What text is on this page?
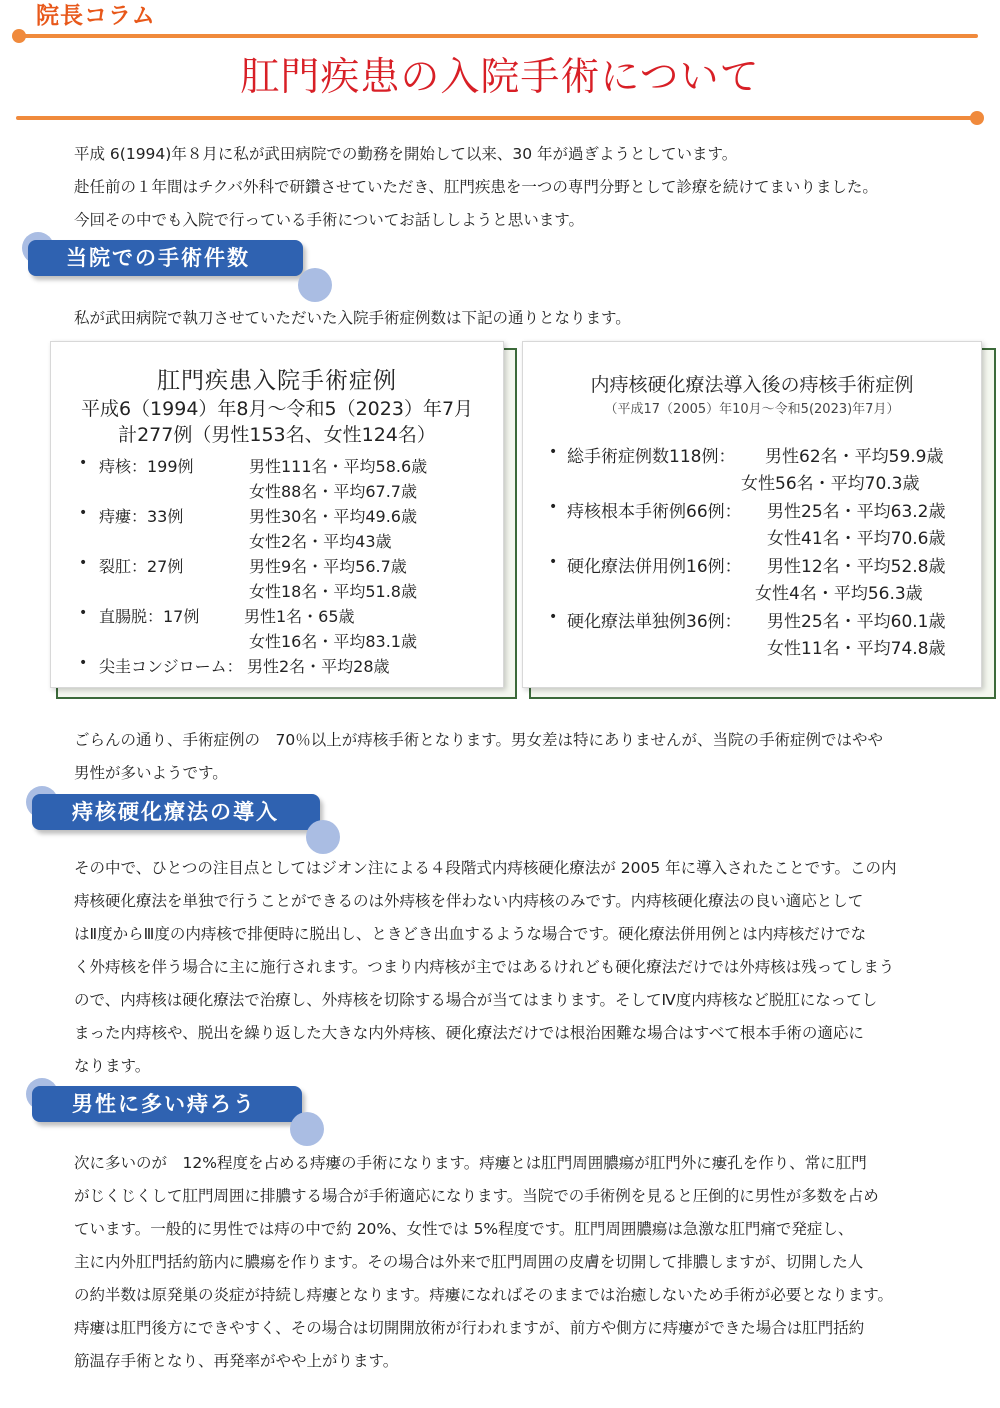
院長コラム
肛門疾患の入院手術について

平成 6(1994)年８月に私が武田病院での勤務を開始して以来、30 年が過ぎようとしています。

赴任前の１年間はチクバ外科で研鑽させていただき、肛門疾患を一つの専門分野として診療を続けてまいりました。

今回その中でも入院で行っている手術についてお話ししようと思います。

当院での手術件数
私が武田病院で執刀させていただいた入院手術症例数は下記の通りとなります。
肛門疾患入院手術症例
平成6（1994）年8月～令和5（2023）年7月
計277例（男性153名、女性124名）
• 痔核：199例	男性111名・平均58.6歳
女性88名・平均67.7歳
• 痔瘻：33例	男性30名・平均49.6歳
女性2名・平均43歳
• 裂肛：27例	男性9名・平均56.7歳
女性18名・平均51.8歳
• 直腸脱：17例	男性1名・65歳
女性16名・平均83.1歳
• 尖圭コンジローム： 男性2名・平均28歳
内痔核硬化療法導入後の痔核手術症例
（平成17（2005）年10月～令和5(2023)年7月）
• 総手術症例数118例： 男性62名・平均59.9歳
女性56名・平均70.3歳
• 痔核根本手術例66例： 男性25名・平均63.2歳
女性41名・平均70.6歳
• 硬化療法併用例16例： 男性12名・平均52.8歳
女性4名・平均56.3歳
• 硬化療法単独例36例： 男性25名・平均60.1歳
女性11名・平均74.8歳

ごらんの通り、手術症例の　70％以上が痔核手術となります。男女差は特にありませんが、当院の手術症例ではやや

男性が多いようです。

痔核硬化療法の導入

その中で、ひとつの注目点としてはジオン注による４段階式内痔核硬化療法が 2005 年に導入されたことです。この内

痔核硬化療法を単独で行うことができるのは外痔核を伴わない内痔核のみです。内痔核硬化療法の良い適応として

はⅡ度からⅢ度の内痔核で排便時に脱出し、ときどき出血するような場合です。硬化療法併用例とは内痔核だけでな

く外痔核を伴う場合に主に施行されます。つまり内痔核が主ではあるけれども硬化療法だけでは外痔核は残ってしまう

ので、内痔核は硬化療法で治療し、外痔核を切除する場合が当てはまります。そしてⅣ度内痔核など脱肛になってし

まった内痔核や、脱出を繰り返した大きな内外痔核、硬化療法だけでは根治困難な場合はすべて根本手術の適応に

なります。

男性に多い痔ろう

次に多いのが　12%程度を占める痔瘻の手術になります。痔瘻とは肛門周囲膿瘍が肛門外に瘻孔を作り、常に肛門

がじくじくして肛門周囲に排膿する場合が手術適応になります。当院での手術例を見ると圧倒的に男性が多数を占め

ています。一般的に男性では痔の中で約 20%、女性では 5%程度です。肛門周囲膿瘍は急激な肛門痛で発症し、

主に内外肛門括約筋内に膿瘍を作ります。その場合は外来で肛門周囲の皮膚を切開して排膿しますが、切開した人

の約半数は原発巣の炎症が持続し痔瘻となります。痔瘻になればそのままでは治癒しないため手術が必要となります。

痔瘻は肛門後方にできやすく、その場合は切開開放術が行われますが、前方や側方に痔瘻ができた場合は肛門括約

筋温存手術となり、再発率がやや上がります。
